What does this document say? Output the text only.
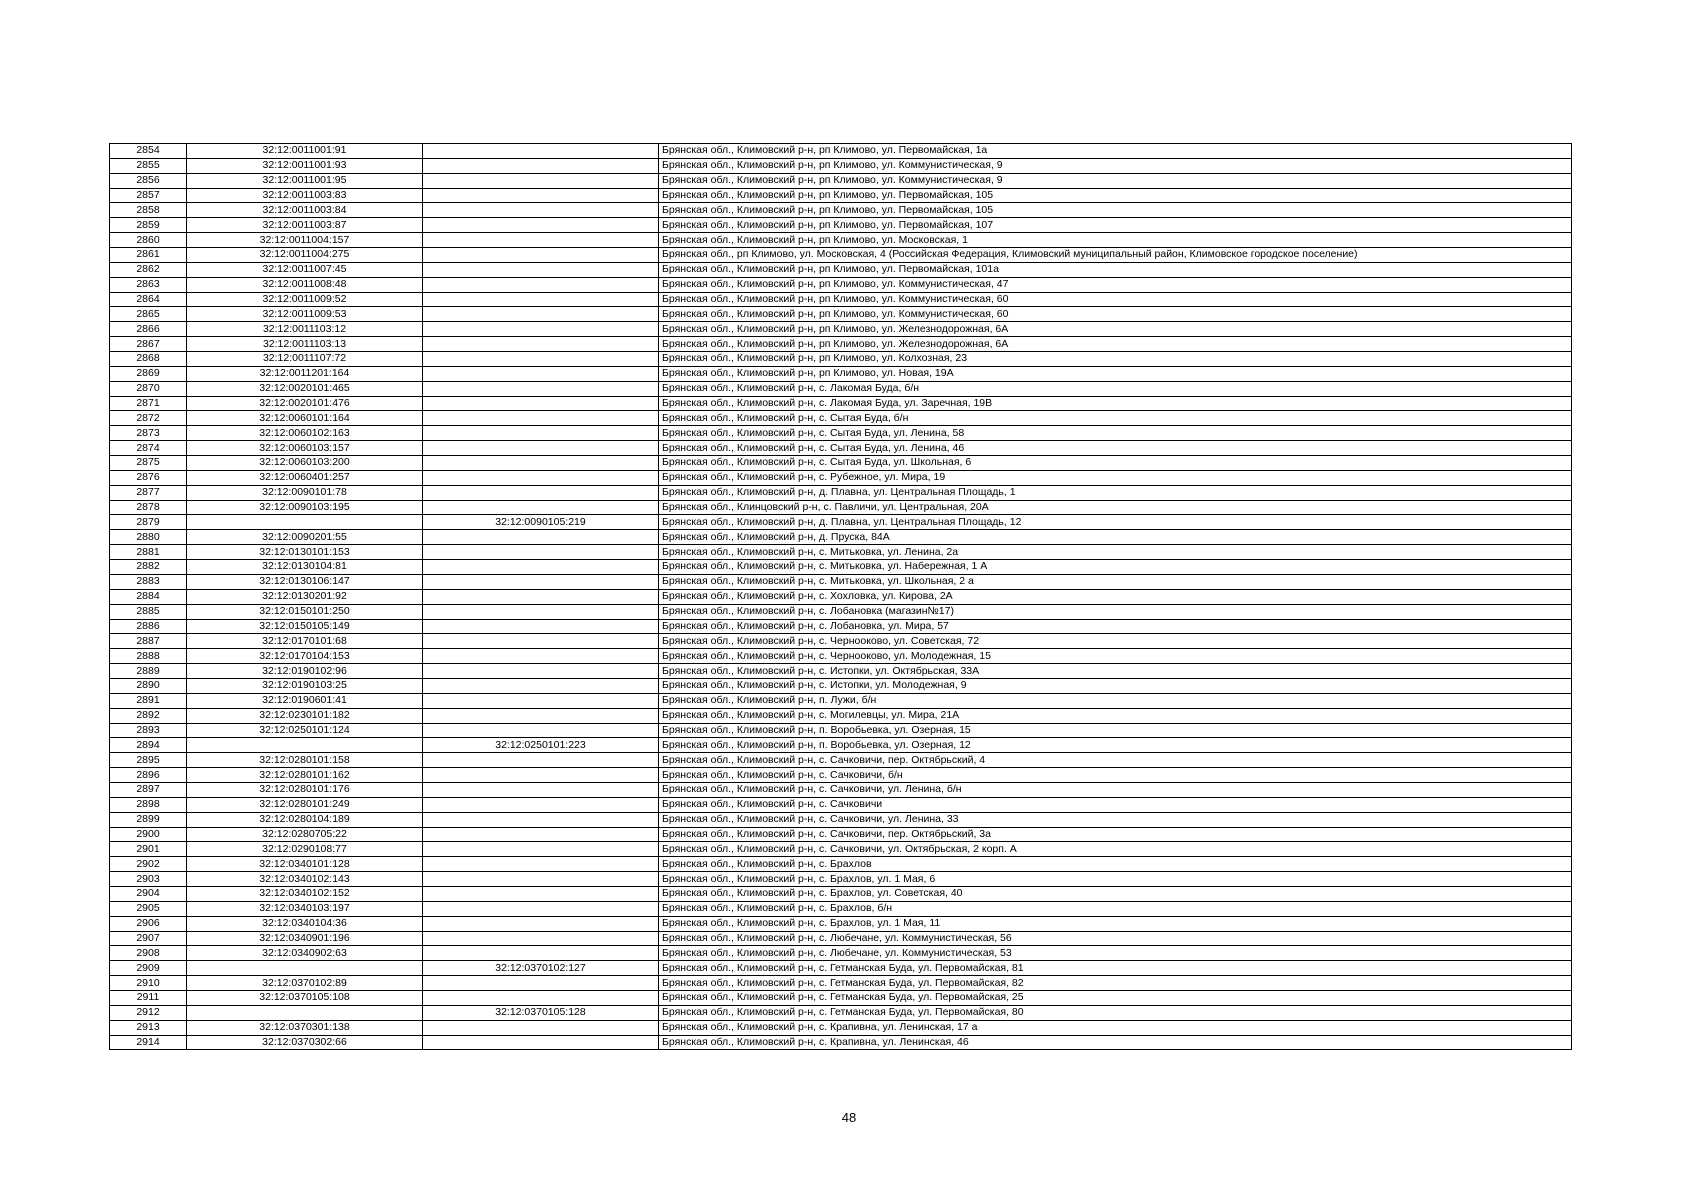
2854	32:12:0011001:91		Брянская обл., Климовский р-н, рп Климово, ул. Первомайская, 1а
2855	32:12:0011001:93		Брянская обл., Климовский р-н, рп Климово, ул. Коммунистическая, 9
2856	32:12:0011001:95		Брянская обл., Климовский р-н, рп Климово, ул. Коммунистическая, 9
2857	32:12:0011003:83		Брянская обл., Климовский р-н, рп Климово, ул. Первомайская, 105
2858	32:12:0011003:84		Брянская обл., Климовский р-н, рп Климово, ул. Первомайская, 105
2859	32:12:0011003:87		Брянская обл., Климовский р-н, рп Климово, ул. Первомайская, 107
2860	32:12:0011004:157		Брянская обл., Климовский р-н, рп Климово, ул. Московская, 1
2861	32:12:0011004:275		Брянская обл., рп Климово, ул. Московская, 4 (Российская Федерация, Климовский муниципальный район, Климовское городское поселение)
2862	32:12:0011007:45		Брянская обл., Климовский р-н, рп Климово, ул. Первомайская, 101а
2863	32:12:0011008:48		Брянская обл., Климовский р-н, рп Климово, ул. Коммунистическая, 47
2864	32:12:0011009:52		Брянская обл., Климовский р-н, рп Климово, ул. Коммунистическая, 60
2865	32:12:0011009:53		Брянская обл., Климовский р-н, рп Климово, ул. Коммунистическая, 60
2866	32:12:0011103:12		Брянская обл., Климовский р-н, рп Климово, ул. Железнодорожная, 6А
2867	32:12:0011103:13		Брянская обл., Климовский р-н, рп Климово, ул. Железнодорожная, 6А
2868	32:12:0011107:72		Брянская обл., Климовский р-н, рп Климово, ул. Колхозная, 23
2869	32:12:0011201:164		Брянская обл., Климовский р-н, рп Климово, ул. Новая, 19А
2870	32:12:0020101:465		Брянская обл., Климовский р-н, с. Лакомая Буда, б/н
2871	32:12:0020101:476		Брянская обл., Климовский р-н, с. Лакомая Буда, ул. Заречная, 19В
2872	32:12:0060101:164		Брянская обл., Климовский р-н, с. Сытая Буда, б/н
2873	32:12:0060102:163		Брянская обл., Климовский р-н, с. Сытая Буда, ул. Ленина, 58
2874	32:12:0060103:157		Брянская обл., Климовский р-н, с. Сытая Буда, ул. Ленина, 46
2875	32:12:0060103:200		Брянская обл., Климовский р-н, с. Сытая Буда, ул. Школьная, 6
2876	32:12:0060401:257		Брянская обл., Климовский р-н, с. Рубежное, ул. Мира, 19
2877	32:12:0090101:78		Брянская обл., Климовский р-н, д. Плавна, ул. Центральная Площадь, 1
2878	32:12:0090103:195		Брянская обл., Клинцовский р-н, с. Павличи, ул. Центральная, 20А
2879		32:12:0090105:219	Брянская обл., Климовский р-н, д. Плавна, ул. Центральная Площадь, 12
2880	32:12:0090201:55		Брянская обл., Климовский р-н, д. Пруска, 84А
2881	32:12:0130101:153		Брянская обл., Климовский р-н, с. Митьковка, ул. Ленина, 2а
2882	32:12:0130104:81		Брянская обл., Климовский р-н, с. Митьковка, ул. Набережная, 1 А
2883	32:12:0130106:147		Брянская обл., Климовский р-н, с. Митьковка, ул. Школьная, 2 а
2884	32:12:0130201:92		Брянская обл., Климовский р-н, с. Хохловка, ул. Кирова, 2А
2885	32:12:0150101:250		Брянская обл., Климовский р-н, с. Лобановка (магазин№17)
2886	32:12:0150105:149		Брянская обл., Климовский р-н, с. Лобановка, ул. Мира, 57
2887	32:12:0170101:68		Брянская обл., Климовский р-н, с. Чернооково, ул. Советская, 72
2888	32:12:0170104:153		Брянская обл., Климовский р-н, с. Чернооково, ул. Молодежная, 15
2889	32:12:0190102:96		Брянская обл., Климовский р-н, с. Истопки, ул. Октябрьская, 33А
2890	32:12:0190103:25		Брянская обл., Климовский р-н, с. Истопки, ул. Молодежная, 9
2891	32:12:0190601:41		Брянская обл., Климовский р-н, п. Лужи, б/н
2892	32:12:0230101:182		Брянская обл., Климовский р-н, с. Могилевцы, ул. Мира, 21А
2893	32:12:0250101:124		Брянская обл., Климовский р-н, п. Воробьевка, ул. Озерная, 15
2894		32:12:0250101:223	Брянская обл., Климовский р-н, п. Воробьевка, ул. Озерная, 12
2895	32:12:0280101:158		Брянская обл., Климовский р-н, с. Сачковичи, пер. Октябрьский, 4
2896	32:12:0280101:162		Брянская обл., Климовский р-н, с. Сачковичи, б/н
2897	32:12:0280101:176		Брянская обл., Климовский р-н, с. Сачковичи, ул. Ленина, б/н
2898	32:12:0280101:249		Брянская обл., Климовский р-н, с. Сачковичи
2899	32:12:0280104:189		Брянская обл., Климовский р-н, с. Сачковичи, ул. Ленина, 33
2900	32:12:0280705:22		Брянская обл., Климовский р-н, с. Сачковичи, пер. Октябрьский, 3а
2901	32:12:0290108:77		Брянская обл., Климовский р-н, с. Сачковичи, ул. Октябрьская, 2 корп. А
2902	32:12:0340101:128		Брянская обл., Климовский р-н, с. Брахлов
2903	32:12:0340102:143		Брянская обл., Климовский р-н, с. Брахлов, ул. 1 Мая, 6
2904	32:12:0340102:152		Брянская обл., Климовский р-н, с. Брахлов, ул. Советская, 40
2905	32:12:0340103:197		Брянская обл., Климовский р-н, с. Брахлов, б/н
2906	32:12:0340104:36		Брянская обл., Климовский р-н, с. Брахлов, ул. 1 Мая, 11
2907	32:12:0340901:196		Брянская обл., Климовский р-н, с. Любечане, ул. Коммунистическая, 56
2908	32:12:0340902:63		Брянская обл., Климовский р-н, с. Любечане, ул. Коммунистическая, 53
2909		32:12:0370102:127	Брянская обл., Климовский р-н, с. Гетманская Буда, ул. Первомайская, 81
2910	32:12:0370102:89		Брянская обл., Климовский р-н, с. Гетманская Буда, ул. Первомайская, 82
2911	32:12:0370105:108		Брянская обл., Климовский р-н, с. Гетманская Буда, ул. Первомайская, 25
2912		32:12:0370105:128	Брянская обл., Климовский р-н, с. Гетманская Буда, ул. Первомайская, 80
2913	32:12:0370301:138		Брянская обл., Климовский р-н, с. Крапивна, ул. Ленинская, 17 а
2914	32:12:0370302:66		Брянская обл., Климовский р-н, с. Крапивна, ул. Ленинская, 46
48
